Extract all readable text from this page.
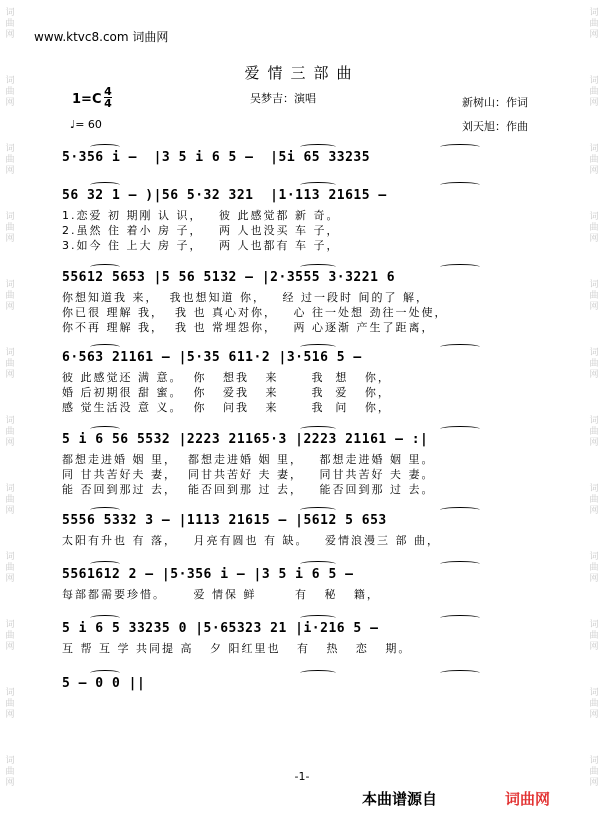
词
曲
网
词
曲
网
词
曲
网
词
曲
网
词
曲
网
词
曲
网
词
曲
网
词
曲
网
词
曲
网
词
曲
网
词
曲
网
词
曲
网
词
曲
网
词
曲
网
词
曲
网
词
曲
网
词
曲
网
词
曲
网
词
曲
网
词
曲
网
词
曲
网
词
曲
网
词
曲
网
词
曲
网
www.ktvc8.com 词曲网
爱情三部曲
吴梦吉：演唱	新树山：作词
刘天旭：作曲
1=C
4
4
♩= 60
5·356 i –  |3 5 i 6 5 –  |5i 65 33235
56 32 1 – )|56 5·32 321  |1·113 21615 –
1.恋爱 初 期刚 认 识，   彼 此感觉都 新 奇。
2.虽然 住 着小 房 子，   两 人也没买 车 子，
3.如今 住 上大 房 子，   两 人也都有 车 子，
55612 5653 |5 56 5132 – |2·3555 3·3221 6
你想知道我 来，  我也想知道 你，   经 过一段时 间的了 解，
你已很 理解 我，  我 也 真心对你，   心 往一处想 劲往一处使，
你不再 理解 我，  我 也 常埋怨你，   两 心逐渐 产生了距离，
6·563 21161 – |5·35 611·2 |3·516 5 –
彼 此感觉还 满 意。  你   想我   来      我  想   你，
婚 后初期很 甜 蜜。  你   爱我   来      我  爱   你，
感 觉生活没 意 义。  你   问我   来      我  问   你，
5 i 6 56 5532 |2223 21165·3 |2223 21161 – :|
都想走进婚 姻 里，  都想走进婚 姻 里，   都想走进婚 姻 里。
同 甘共苦好夫 妻，  同甘共苦好 夫 妻，   同甘共苦好 夫 妻。
能 否回到那过 去，  能否回到那 过 去，   能否回到那 过 去。
5556 5332 3 – |1113 21615 – |5612 5 653
太阳有升也 有 落，   月亮有圆也 有 缺。   爱情浪漫三 部 曲，
5561612 2 – |5·356 i – |3 5 i 6 5 –
每部都需要珍惜。     爱 情保 鲜       有   秘   籍，
5 i 6 5 33235 0 |5·65323 21 |i·216 5 –
互 帮 互 学 共同提 高   夕 阳红里也   有   热   恋   期。
5 – 0 0 ||
-1-
本曲谱源自	词曲网
